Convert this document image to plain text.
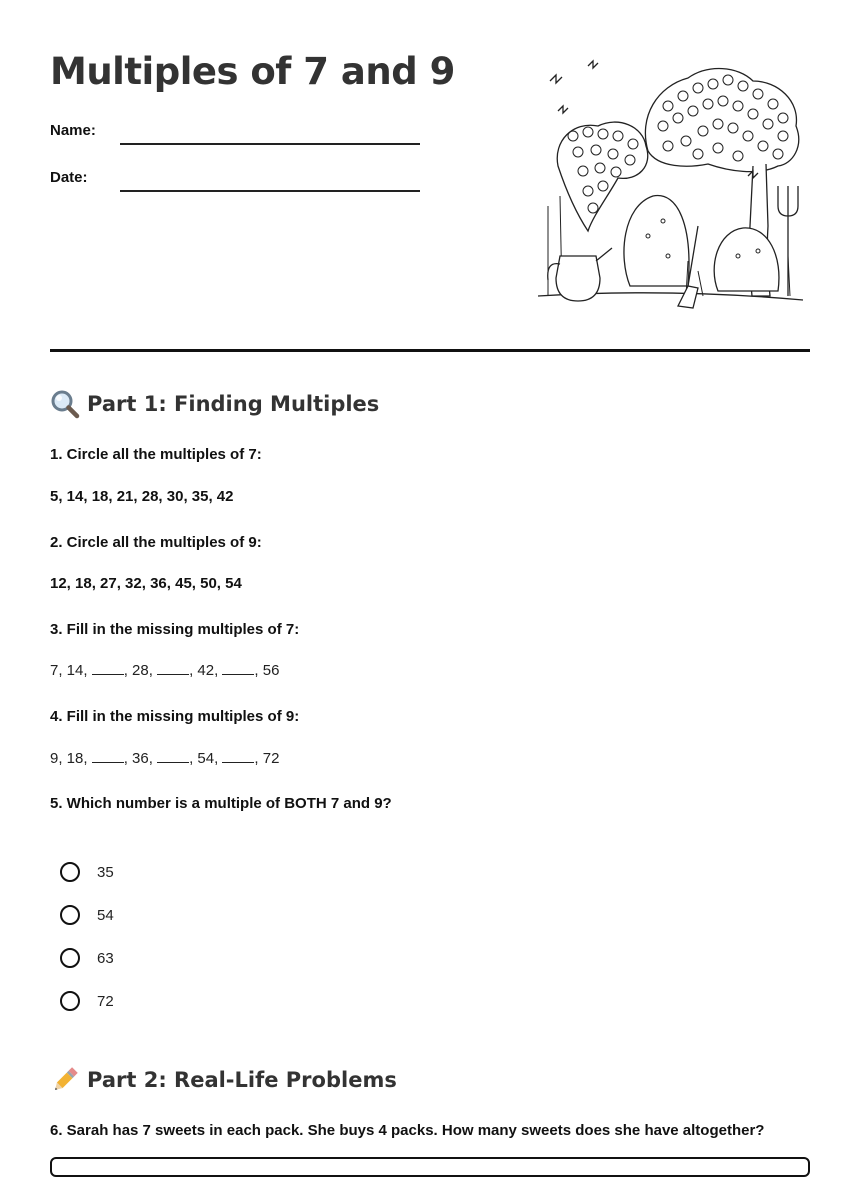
Multiples of 7 and 9
Name:
Date:
Part 1: Finding Multiples

1. Circle all the multiples of 7:

5, 14, 18, 21, 28, 30, 35, 42

2. Circle all the multiples of 9:

12, 18, 27, 32, 36, 45, 50, 54

3. Fill in the missing multiples of 7:

7, 14, , 28, , 42, , 56

4. Fill in the missing multiples of 9:

9, 18, , 36, , 54, , 72

5. Which number is a multiple of BOTH 7 and 9?

35
54
63
72
Part 2: Real-Life Problems

6. Sarah has 7 sweets in each pack. She buys 4 packs. How many sweets does she have altogether?
